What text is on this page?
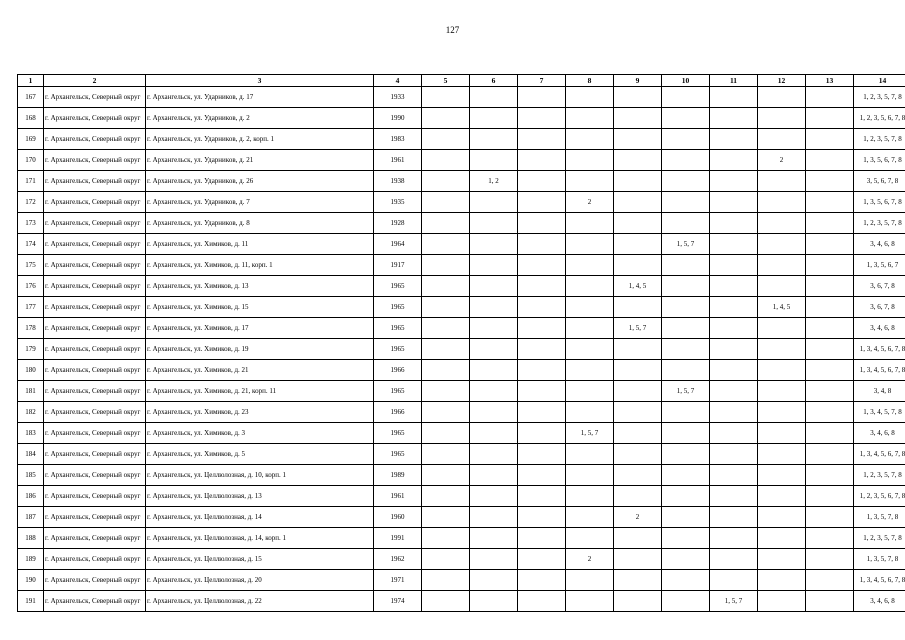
127
1	2	3	4	5	6	7	8	9	10	11	12	13	14
167	г. Архангельск, Северный округ	г. Архангельск, ул. Ударников, д. 17	1933										1, 2, 3, 5, 7, 8
168	г. Архангельск, Северный округ	г. Архангельск, ул. Ударников, д. 2	1990										1, 2, 3, 5, 6, 7, 8
169	г. Архангельск, Северный округ	г. Архангельск, ул. Ударников, д. 2, корп. 1	1983										1, 2, 3, 5, 7, 8
170	г. Архангельск, Северный округ	г. Архангельск, ул. Ударников, д. 21	1961								2		1, 3, 5, 6, 7, 8
171	г. Архангельск, Северный округ	г. Архангельск, ул. Ударников, д. 26	1938		1, 2								3, 5, 6, 7, 8
172	г. Архангельск, Северный округ	г. Архангельск, ул. Ударников, д. 7	1935				2						1, 3, 5, 6, 7, 8
173	г. Архангельск, Северный округ	г. Архангельск, ул. Ударников, д. 8	1928										1, 2, 3, 5, 7, 8
174	г. Архангельск, Северный округ	г. Архангельск, ул. Химиков, д. 11	1964						1, 5, 7				3, 4, 6, 8
175	г. Архангельск, Северный округ	г. Архангельск, ул. Химиков, д. 11, корп. 1	1917										1, 3, 5, 6, 7
176	г. Архангельск, Северный округ	г. Архангельск, ул. Химиков, д. 13	1965					1, 4, 5					3, 6, 7, 8
177	г. Архангельск, Северный округ	г. Архангельск, ул. Химиков, д. 15	1965								1, 4, 5		3, 6, 7, 8
178	г. Архангельск, Северный округ	г. Архангельск, ул. Химиков, д. 17	1965					1, 5, 7					3, 4, 6, 8
179	г. Архангельск, Северный округ	г. Архангельск, ул. Химиков, д. 19	1965										1, 3, 4, 5, 6, 7, 8
180	г. Архангельск, Северный округ	г. Архангельск, ул. Химиков, д. 21	1966										1, 3, 4, 5, 6, 7, 8
181	г. Архангельск, Северный округ	г. Архангельск, ул. Химиков, д. 21, корп. 11	1965						1, 5, 7				3, 4, 8
182	г. Архангельск, Северный округ	г. Архангельск, ул. Химиков, д. 23	1966										1, 3, 4, 5, 7, 8
183	г. Архангельск, Северный округ	г. Архангельск, ул. Химиков, д. 3	1965				1, 5, 7						3, 4, 6, 8
184	г. Архангельск, Северный округ	г. Архангельск, ул. Химиков, д. 5	1965										1, 3, 4, 5, 6, 7, 8
185	г. Архангельск, Северный округ	г. Архангельск, ул. Целлюлозная, д. 10, корп. 1	1989										1, 2, 3, 5, 7, 8
186	г. Архангельск, Северный округ	г. Архангельск, ул. Целлюлозная, д. 13	1961										1, 2, 3, 5, 6, 7, 8
187	г. Архангельск, Северный округ	г. Архангельск, ул. Целлюлозная, д. 14	1960					2					1, 3, 5, 7, 8
188	г. Архангельск, Северный округ	г. Архангельск, ул. Целлюлозная, д. 14, корп. 1	1991										1, 2, 3, 5, 7, 8
189	г. Архангельск, Северный округ	г. Архангельск, ул. Целлюлозная, д. 15	1962				2						1, 3, 5, 7, 8
190	г. Архангельск, Северный округ	г. Архангельск, ул. Целлюлозная, д. 20	1971										1, 3, 4, 5, 6, 7, 8
191	г. Архангельск, Северный округ	г. Архангельск, ул. Целлюлозная, д. 22	1974							1, 5, 7			3, 4, 6, 8
